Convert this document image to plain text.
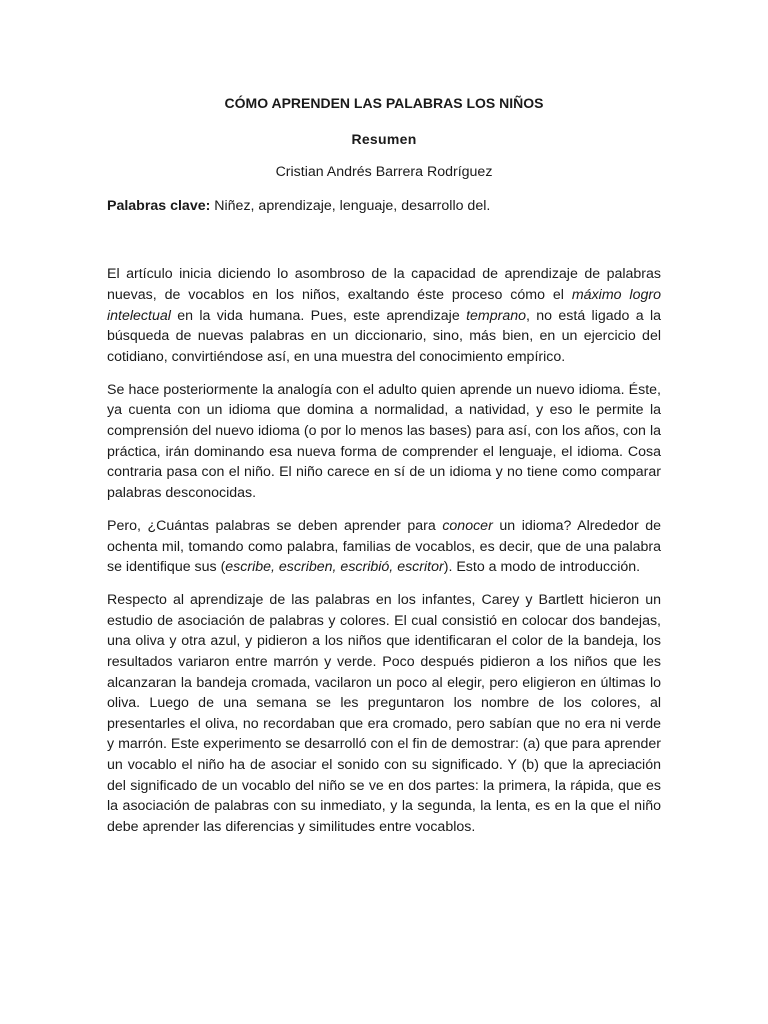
CÓMO APRENDEN LAS PALABRAS LOS NIÑOS
Resumen
Cristian Andrés Barrera Rodríguez
Palabras clave: Niñez, aprendizaje, lenguaje, desarrollo del.

El artículo inicia diciendo lo asombroso de la capacidad de aprendizaje de palabras nuevas, de vocablos en los niños, exaltando éste proceso cómo el máximo logro intelectual en la vida humana. Pues, este aprendizaje temprano, no está ligado a la búsqueda de nuevas palabras en un diccionario, sino, más bien, en un ejercicio del cotidiano, convirtiéndose así, en una muestra del conocimiento empírico.

Se hace posteriormente la analogía con el adulto quien aprende un nuevo idioma. Éste, ya cuenta con un idioma que domina a normalidad, a natividad, y eso le permite la comprensión del nuevo idioma (o por lo menos las bases) para así, con los años, con la práctica, irán dominando esa nueva forma de comprender el lenguaje, el idioma. Cosa contraria pasa con el niño. El niño carece en sí de un idioma y no tiene como comparar palabras desconocidas.

Pero, ¿Cuántas palabras se deben aprender para conocer un idioma? Alrededor de ochenta mil, tomando como palabra, familias de vocablos, es decir, que de una palabra se identifique sus (escribe, escriben, escribió, escritor). Esto a modo de introducción.

Respecto al aprendizaje de las palabras en los infantes, Carey y Bartlett hicieron un estudio de asociación de palabras y colores. El cual consistió en colocar dos bandejas, una oliva y otra azul, y pidieron a los niños que identificaran el color de la bandeja, los resultados variaron entre marrón y verde. Poco después pidieron a los niños que les alcanzaran la bandeja cromada, vacilaron un poco al elegir, pero eligieron en últimas lo oliva. Luego de una semana se les preguntaron los nombre de los colores, al presentarles el oliva, no recordaban que era cromado, pero sabían que no era ni verde y marrón. Este experimento se desarrolló con el fin de demostrar: (a) que para aprender un vocablo el niño ha de asociar el sonido con su significado. Y (b) que la apreciación del significado de un vocablo del niño se ve en dos partes: la primera, la rápida, que es la asociación de palabras con su inmediato, y la segunda, la lenta, es en la que el niño debe aprender las diferencias y similitudes entre vocablos.
